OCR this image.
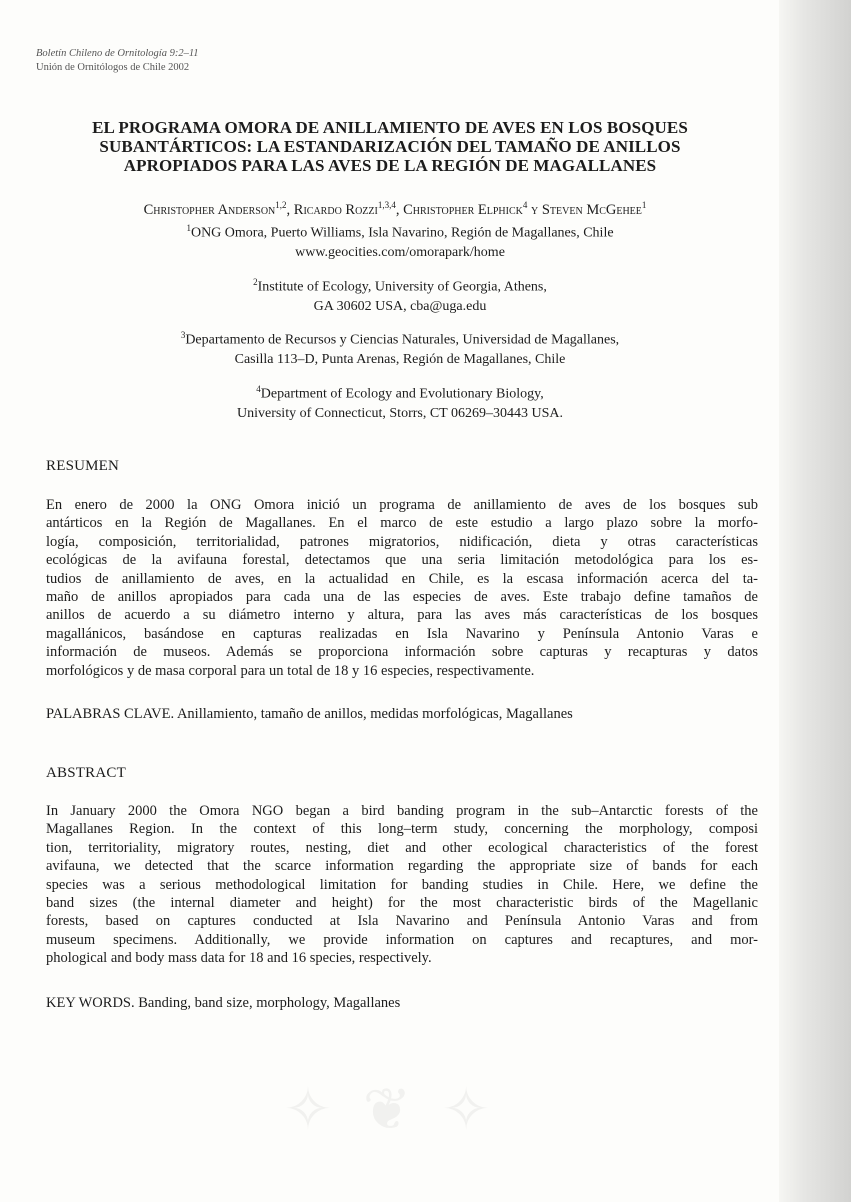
✧ ❦ ✧
Boletín Chileno de Ornitología 9:2–11
Unión de Ornitólogos de Chile 2002
EL PROGRAMA OMORA DE ANILLAMIENTO DE AVES EN LOS BOSQUES
SUBANTÁRTICOS: LA ESTANDARIZACIÓN DEL TAMAÑO DE ANILLOS
APROPIADOS PARA LAS AVES DE LA REGIÓN DE MAGALLANES
Christopher Anderson$^{1,2}$, Ricardo Rozzi$^{1,3,4}$, Christopher Elphick$^4$ y Steven McGehee$^1$
$^1$ONG Omora, Puerto Williams, Isla Navarino, Región de Magallanes, Chile
www.geocities.com/omorapark/home
$^2$Institute of Ecology, University of Georgia, Athens,
GA 30602 USA, cba@uga.edu
$^3$Departamento de Recursos y Ciencias Naturales, Universidad de Magallanes,
Casilla 113–D, Punta Arenas, Región de Magallanes, Chile
$^4$Department of Ecology and Evolutionary Biology,
University of Connecticut, Storrs, CT 06269–30443 USA.
RESUMEN
En enero de 2000 la ONG Omora inició un programa de anillamiento de aves de los bosques sub
antárticos en la Región de Magallanes. En el marco de este estudio a largo plazo sobre la morfo-
logía, composición, territorialidad, patrones migratorios, nidificación, dieta y otras características
ecológicas de la avifauna forestal, detectamos que una seria limitación metodológica para los es-
tudios de anillamiento de aves, en la actualidad en Chile, es la escasa información acerca del ta-
maño de anillos apropiados para cada una de las especies de aves. Este trabajo define tamaños de
anillos de acuerdo a su diámetro interno y altura, para las aves más características de los bosques
magallánicos, basándose en capturas realizadas en Isla Navarino y Península Antonio Varas e
información de museos. Además se proporciona información sobre capturas y recapturas y datos
morfológicos y de masa corporal para un total de 18 y 16 especies, respectivamente.
PALABRAS CLAVE. Anillamiento, tamaño de anillos, medidas morfológicas, Magallanes
ABSTRACT
In January 2000 the Omora NGO began a bird banding program in the sub–Antarctic forests of the
Magallanes Region. In the context of this long–term study, concerning the morphology, composi
tion, territoriality, migratory routes, nesting, diet and other ecological characteristics of the forest
avifauna, we detected that the scarce information regarding the appropriate size of bands for each
species was a serious methodological limitation for banding studies in Chile. Here, we define the
band sizes (the internal diameter and height) for the most characteristic birds of the Magellanic
forests, based on captures conducted at Isla Navarino and Península Antonio Varas and from
museum specimens. Additionally, we provide information on captures and recaptures, and mor-
phological and body mass data for 18 and 16 species, respectively.
KEY WORDS. Banding, band size, morphology, Magallanes
